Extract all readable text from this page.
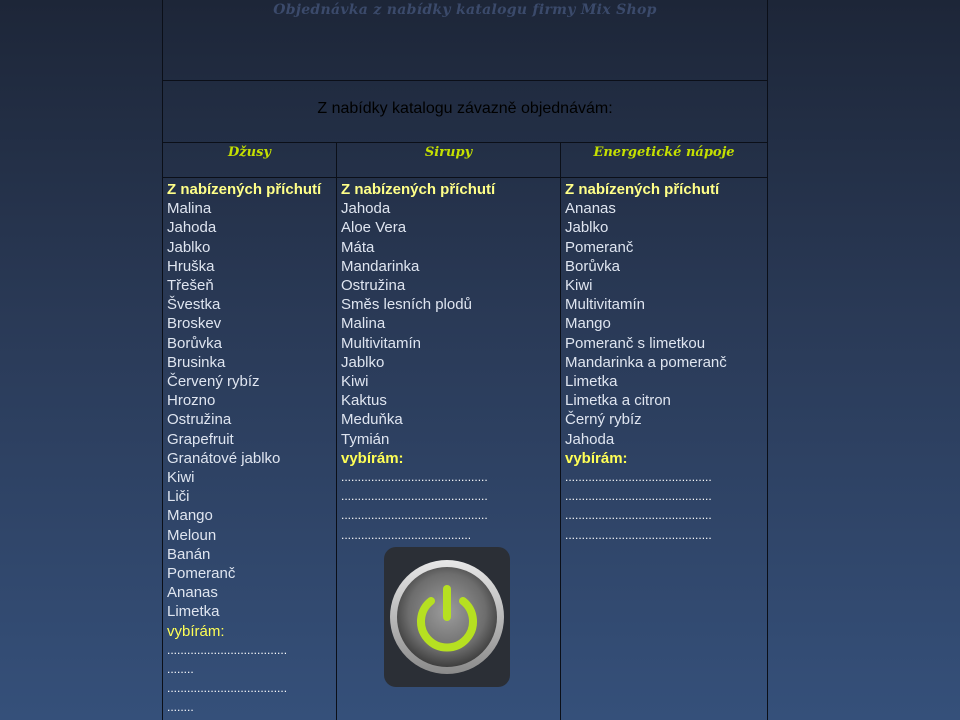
Objednávka z nabídky katalogu firmy Mix Shop
Z nabídky katalogu závazně objednávám:
Džusy	Sirupy	Energetické nápoje
Z nabízených příchutí
Malina
Jahoda
Jablko
Hruška
Třešeň
Švestka
Broskev
Borůvka
Brusinka
Červený rybíz
Hrozno
Ostružina
Grapefruit
Granátové jablko
Kiwi
Liči
Mango
Meloun
Banán
Pomeranč
Ananas
Limetka
vybírám:
....................................
........
....................................
........
Z nabízených příchutí
Jahoda
Aloe Vera
Máta
Mandarinka
Ostružina
Směs lesních plodů
Malina
Multivitamín
Jablko
Kiwi
Kaktus
Meduňka
Tymián
vybírám:
............................................
............................................
............................................
.......................................
Z nabízených příchutí
Ananas
Jablko
Pomeranč
Borůvka
Kiwi
Multivitamín
Mango
Pomeranč s limetkou
Mandarinka a pomeranč
Limetka
Limetka a citron
Černý rybíz
Jahoda
vybírám:
............................................
............................................
............................................
............................................
